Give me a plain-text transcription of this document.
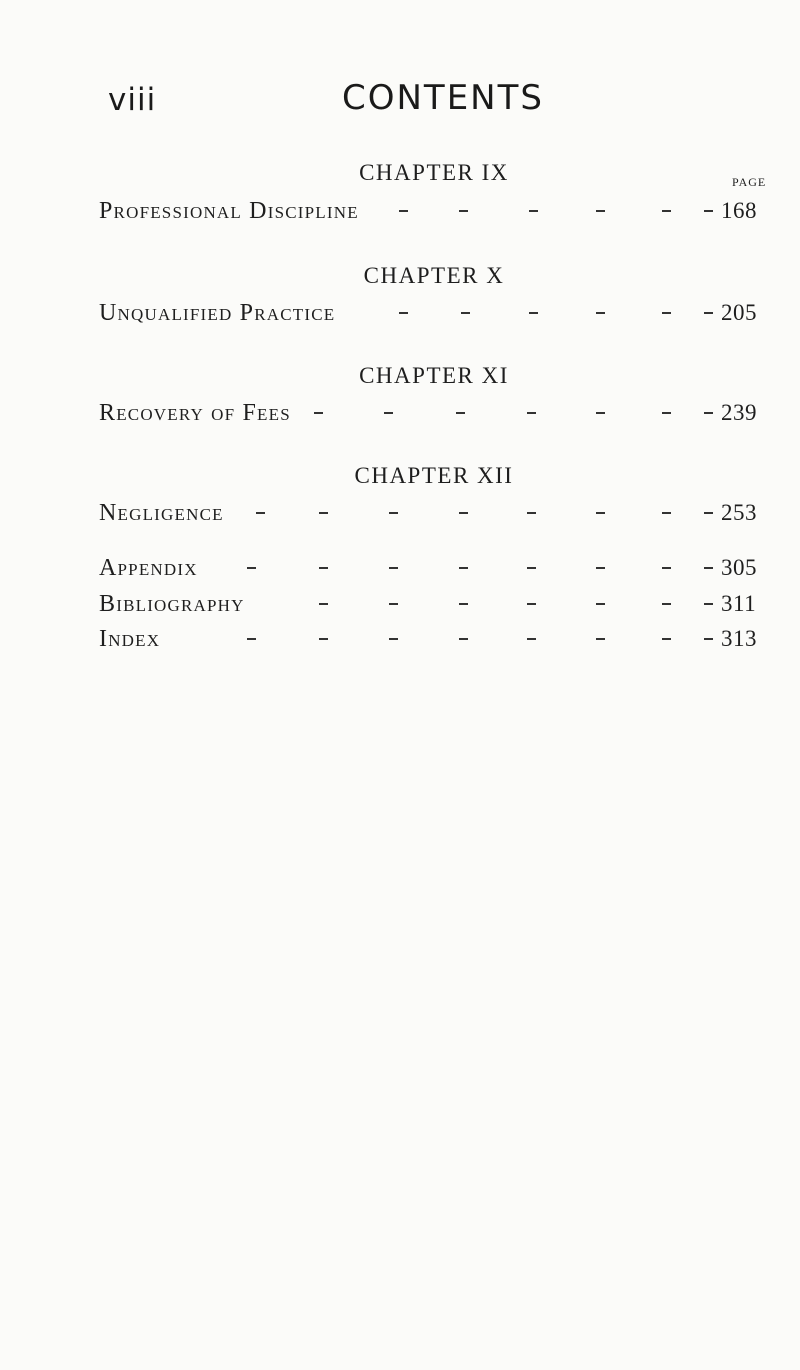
viii	CONTENTS
CHAPTER IX	PAGE
Professional Discipline	168
CHAPTER X
Unqualified Practice	205
CHAPTER XI
Recovery of Fees	239
CHAPTER XII
Negligence	253
Appendix	305
Bibliography	311
Index	313
